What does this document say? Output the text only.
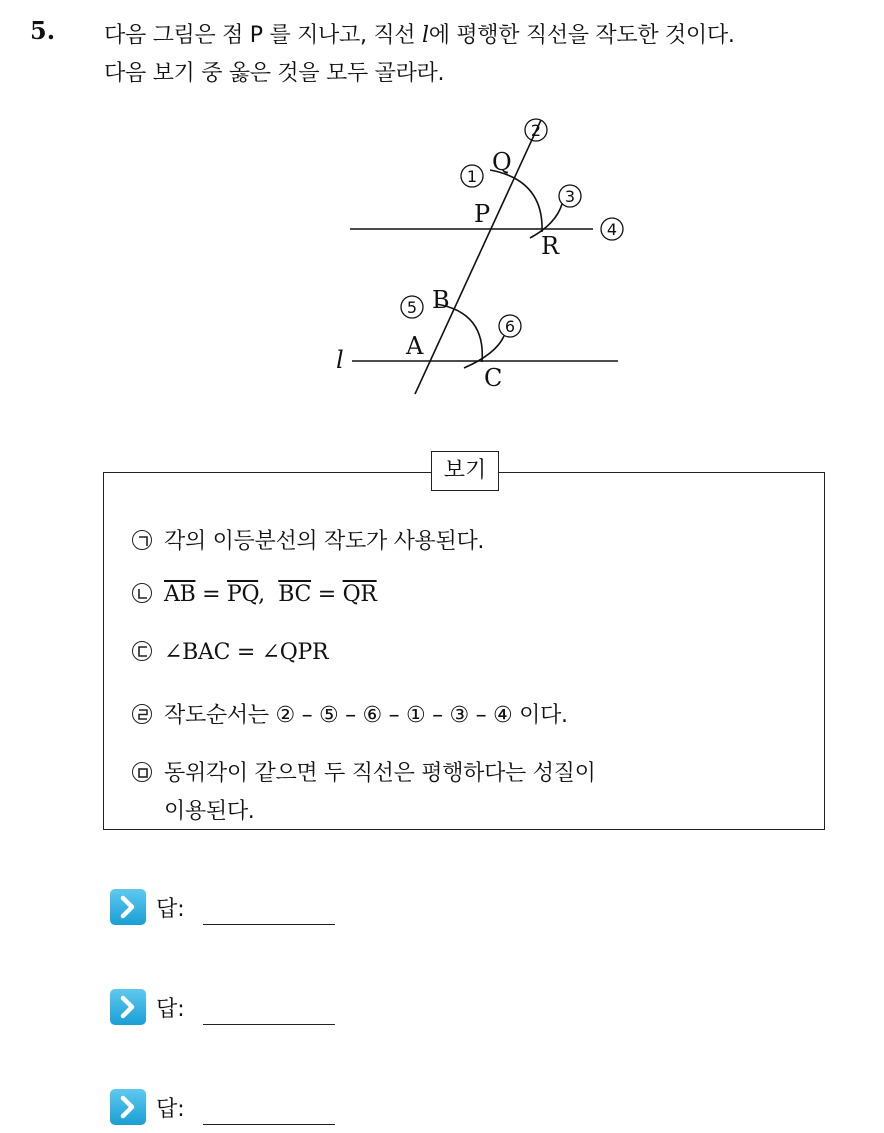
5. 다음 그림은 점 P 를 지나고, 직선 l에 평행한 직선을 작도한 것이다.
다음 보기 중 옳은 것을 모두 골라라.
Q
P
R
B
A
C
l
1
2
3
4
5
6
보기
각의 이등분선의 작도가 사용된다.
$\overline{AB} = \overline{PQ}$,  $\overline{BC} = \overline{QR}$
∠BAC = ∠QPR
작도순서는 ② – ⑤ – ⑥ – ① – ③ – ④ 이다.
동위각이 같으면 두 직선은 평행하다는 성질이
이용된다.
답:
답:
답:
